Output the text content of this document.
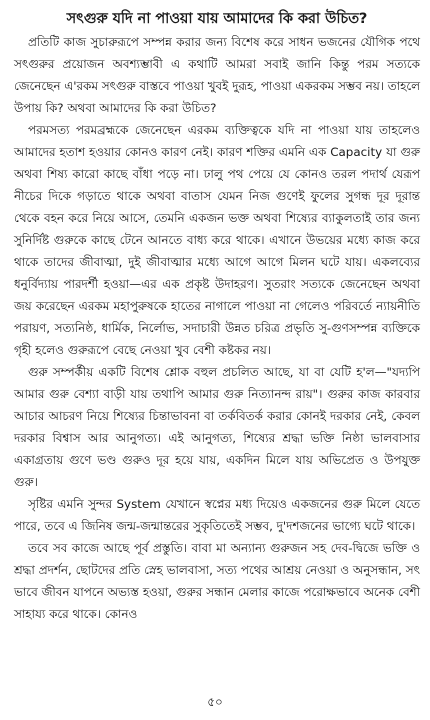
সৎগুরু যদি না পাওয়া যায় আমাদের কি করা উচিত?

প্রতিটি কাজ সুচারুরূপে সম্পন্ন করার জন্য বিশেষ করে সাধন ভজনের যৌগিক পথে সৎগুরুর প্রয়োজন অবশ্যম্ভাবী এ কথাটি আমরা সবাই জানি কিন্তু পরম সত্যকে জেনেছেন এ'রকম সৎগুরু বাস্তবে পাওয়া খুবই দুরূহ, পাওয়া একরকম সম্ভব নয়। তাহলে উপায় কি? অথবা আমাদের কি করা উচিত?

পরমসত্য পরমব্রহ্মকে জেনেছেন এরকম ব্যক্তিত্বকে যদি না পাওয়া যায় তাহলেও আমাদের হতাশ হওয়ার কোনও কারণ নেই। কারণ শক্তির এমনি এক Capacity যা গুরু অথবা শিষ্য কারো কাছে বাঁধা পড়ে না। ঢালু পথ পেয়ে যে কোনও তরল পদার্থ যেরূপ নীচের দিকে গড়াতে থাকে অথবা বাতাস যেমন নিজ গুণেই ফুলের সুগন্ধ দূর দূরান্ত থেকে বহন করে নিয়ে আসে, তেমনি একজন ভক্ত অথবা শিষ্যের ব্যাকুলতাই তার জন্য সুনির্দিষ্ট গুরুকে কাছে টেনে আনতে বাধ্য করে থাকে। এখানে উভয়ের মধ্যে কাজ করে থাকে তাদের জীবাত্মা, দুই জীবাত্মার মধ্যে আগে আগে মিলন ঘটে যায়। একলব্যের ধনুর্বিদ্যায় পারদর্শী হওয়া—এর এক প্রকৃষ্ট উদাহরণ। সুতরাং সত্যকে জেনেছেন অথবা জয় করেছেন এরকম মহাপুরুষকে হাতের নাগালে পাওয়া না গেলেও পরিবর্তে ন্যায়নীতি পরায়ণ, সত্যনিষ্ঠ, ধার্মিক, নির্লোভ, সদাচারী উন্নত চরিত্র প্রভৃতি সু-গুণসম্পন্ন ব্যক্তিকে গৃহী হলেও গুরুরূপে বেছে নেওয়া খুব বেশী কষ্টকর নয়।

গুরু সম্পর্কীয় একটি বিশেষ শ্লোক বহুল প্রচলিত আছে, যা বা যেটি হ'ল—"যদ্যপি আমার গুরু বেশ্যা বাড়ী যায় তথাপি আমার গুরু নিত্যানন্দ রায়"। গুরুর কাজ কারবার আচার আচরণ নিয়ে শিষ্যের চিন্তাভাবনা বা তর্কবিতর্ক করার কোনই দরকার নেই, কেবল দরকার বিশ্বাস আর আনুগত্য। এই আনুগত্য, শিষ্যের শ্রদ্ধা ভক্তি নিষ্ঠা ভালবাসার একাগ্রতায় গুণে ভণ্ড গুরুও দূর হয়ে যায়, একদিন মিলে যায় অভিপ্রেত ও উপযুক্ত গুরু।

সৃষ্টির এমনি সুন্দর System যেখানে স্বপ্নের মধ্য দিয়েও একজনের গুরু মিলে যেতে পারে, তবে এ জিনিষ জন্ম-জন্মান্তরের সুকৃতিতেই সম্ভব, দু'দশজনের ভাগ্যে ঘটে থাকে।

তবে সব কাজে আছে পূর্ব প্রস্তুতি। বাবা মা অন্যান্য গুরুজন সহ দেব-দ্বিজে ভক্তি ও শ্রদ্ধা প্রদর্শন, ছোটদের প্রতি স্নেহ ভালবাসা, সত্য পথের আশ্রয় নেওয়া ও অনুসন্ধান, সৎ ভাবে জীবন যাপনে অভ্যস্ত হওয়া, গুরুর সন্ধান মেলার কাজে পরোক্ষভাবে অনেক বেশী সাহায্য করে থাকে। কোনও

৫০
